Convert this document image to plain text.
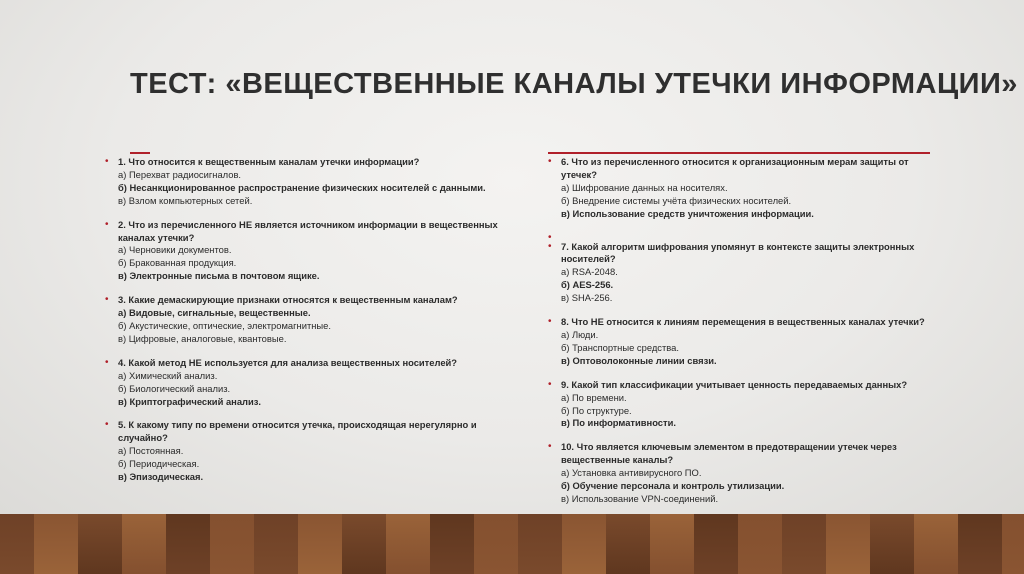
ТЕСТ: «ВЕЩЕСТВЕННЫЕ КАНАЛЫ УТЕЧКИ ИНФОРМАЦИИ»
• 1. Что относится к вещественным каналам утечки информации?
а) Перехват радиосигналов.
б) Несанкционированное распространение физических носителей с данными.
в) Взлом компьютерных сетей.
• 2. Что из перечисленного НЕ является источником информации в вещественных каналах утечки?
а) Черновики документов.
б) Бракованная продукция.
в) Электронные письма в почтовом ящике.
• 3. Какие демаскирующие признаки относятся к вещественным каналам?
а) Видовые, сигнальные, вещественные.
б) Акустические, оптические, электромагнитные.
в) Цифровые, аналоговые, квантовые.
• 4. Какой метод НЕ используется для анализа вещественных носителей?
а) Химический анализ.
б) Биологический анализ.
в) Криптографический анализ.
• 5. К какому типу по времени относится утечка, происходящая нерегулярно и случайно?
а) Постоянная.
б) Периодическая.
в) Эпизодическая.
• 6. Что из перечисленного относится к организационным мерам защиты от утечек?
а) Шифрование данных на носителях.
б) Внедрение системы учёта физических носителей.
в) Использование средств уничтожения информации.
•
• 7. Какой алгоритм шифрования упомянут в контексте защиты электронных носителей?
а) RSA-2048.
б) AES-256.
в) SHA-256.
• 8. Что НЕ относится к линиям перемещения в вещественных каналах утечки?
а) Люди.
б) Транспортные средства.
в) Оптоволоконные линии связи.
• 9. Какой тип классификации учитывает ценность передаваемых данных?
а) По времени.
б) По структуре.
в) По информативности.
• 10. Что является ключевым элементом в предотвращении утечек через вещественные каналы?
а) Установка антивирусного ПО.
б) Обучение персонала и контроль утилизации.
в) Использование VPN-соединений.
